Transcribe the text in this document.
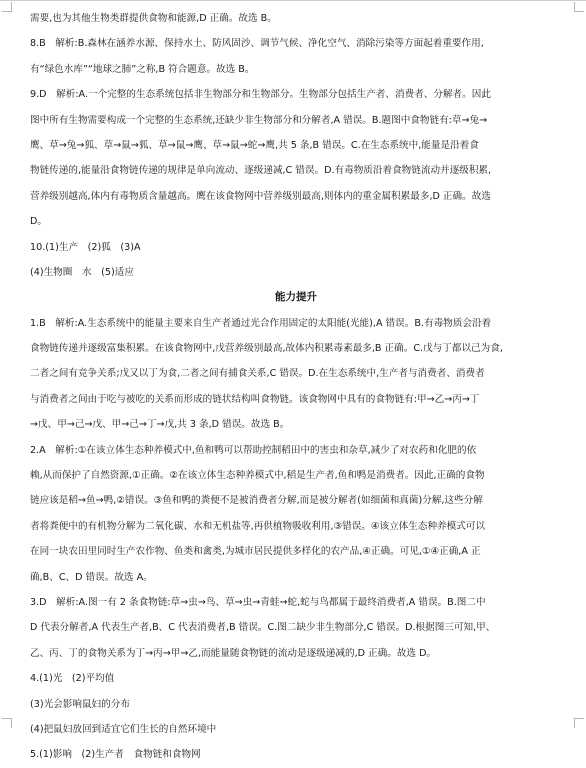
需要,也为其他生物类群提供食物和能源,D 正确。故选 B。
8.B　解析:B.森林在涵养水源、保持水土、防风固沙、调节气候、净化空气、消除污染等方面起着重要作用,
有“绿色水库”“地球之肺”之称,B 符合题意。故选 B。
9.D　解析:A.一个完整的生态系统包括非生物部分和生物部分。生物部分包括生产者、消费者、分解者。因此
图中所有生物需要构成一个完整的生态系统,还缺少非生物部分和分解者,A 错误。B.题图中食物链有:草→兔→
鹰、草→兔→狐、草→鼠→狐、草→鼠→鹰、草→鼠→蛇→鹰,共 5 条,B 错误。C.在生态系统中,能量是沿着食
物链传递的,能量沿食物链传递的规律是单向流动、逐级递减,C 错误。D.有毒物质沿着食物链流动并逐级积累,
营养级别越高,体内有毒物质含量越高。鹰在该食物网中营养级别最高,则体内的重金属积累最多,D 正确。故选
D。
10.(1)生产　(2)狐　(3)A
(4)生物圈　水　(5)适应
能力提升
1.B　解析:A.生态系统中的能量主要来自生产者通过光合作用固定的太阳能(光能),A 错误。B.有毒物质会沿着
食物链传递并逐级富集积累。在该食物网中,戊营养级别最高,故体内积累毒素最多,B 正确。C.戊与丁都以己为食,
二者之间有竞争关系;戊又以丁为食,二者之间有捕食关系,C 错误。D.在生态系统中,生产者与消费者、消费者
与消费者之间由于吃与被吃的关系而形成的链状结构叫食物链。该食物网中具有的食物链有:甲→乙→丙→丁
→戊、甲→己→戊、甲→己→丁→戊,共 3 条,D 错误。故选 B。
2.A　解析:①在该立体生态种养模式中,鱼和鸭可以帮助控制稻田中的害虫和杂草,减少了对农药和化肥的依
赖,从而保护了自然资源,①正确。②在该立体生态种养模式中,稻是生产者,鱼和鸭是消费者。因此,正确的食物
链应该是稻→鱼→鸭,②错误。③鱼和鸭的粪便不是被消费者分解,而是被分解者(如细菌和真菌)分解,这些分解
者将粪便中的有机物分解为二氧化碳、水和无机盐等,再供植物吸收利用,③错误。④该立体生态种养模式可以
在同一块农田里同时生产农作物、鱼类和禽类,为城市居民提供多样化的农产品,④正确。可见,①④正确,A 正
确,B、C、D 错误。故选 A。
3.D　解析:A.图一有 2 条食物链:草→虫→鸟、草→虫→青蛙→蛇,蛇与鸟都属于最终消费者,A 错误。B.图二中
D 代表分解者,A 代表生产者,B、C 代表消费者,B 错误。C.图二缺少非生物部分,C 错误。D.根据图三可知,甲、
乙、丙、丁的食物关系为丁→丙→甲→乙,而能量随食物链的流动是逐级递减的,D 正确。故选 D。
4.(1)光　(2)平均值
(3)光会影响鼠妇的分布
(4)把鼠妇放回到适宜它们生长的自然环境中
5.(1)影响　(2)生产者　食物链和食物网
